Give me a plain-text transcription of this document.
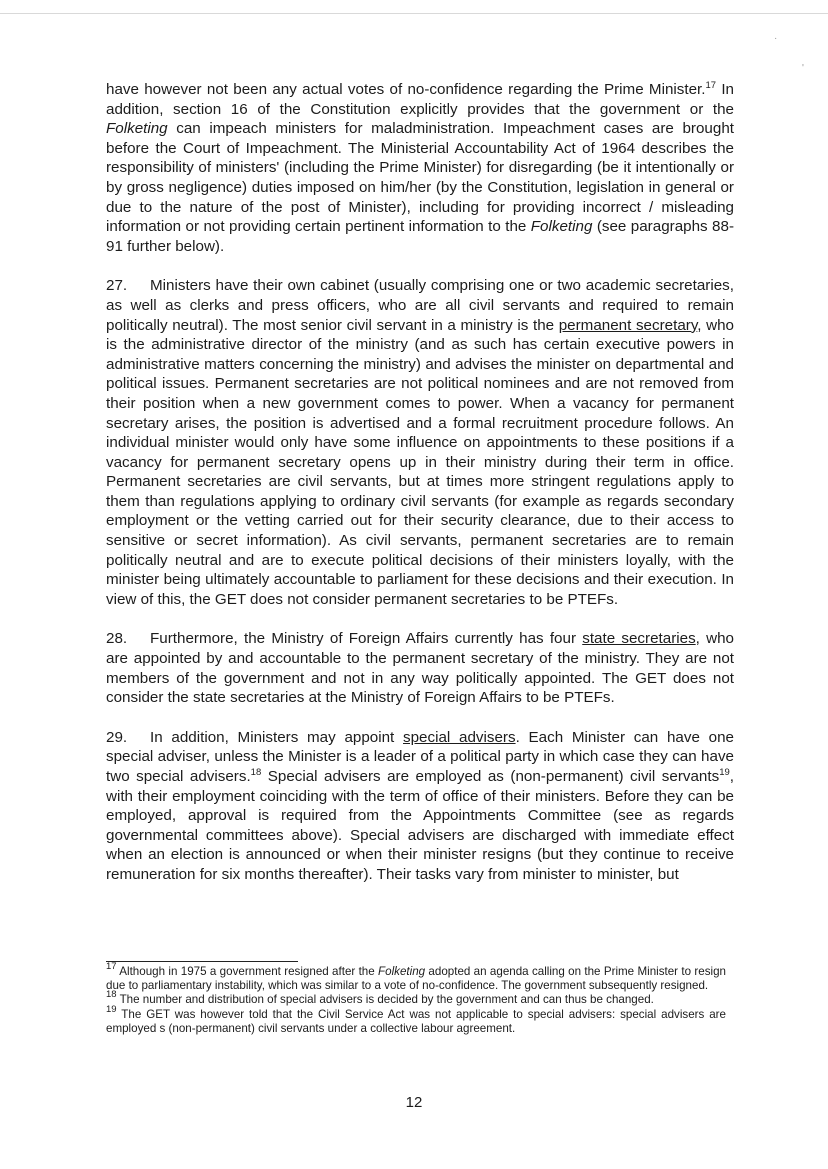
·
'

have however not been any actual votes of no-confidence regarding the Prime Minister.$^{17}$ In addition, section 16 of the Constitution explicitly provides that the government or the Folketing can impeach ministers for maladministration. Impeachment cases are brought before the Court of Impeachment. The Ministerial Accountability Act of 1964 describes the responsibility of ministers' (including the Prime Minister) for disregarding (be it intentionally or by gross negligence) duties imposed on him/her (by the Constitution, legislation in general or due to the nature of the post of Minister), including for providing incorrect / misleading information or not providing certain pertinent information to the Folketing (see paragraphs 88-91 further below).

27. Ministers have their own cabinet (usually comprising one or two academic secretaries, as well as clerks and press officers, who are all civil servants and required to remain politically neutral). The most senior civil servant in a ministry is the permanent secretary, who is the administrative director of the ministry (and as such has certain executive powers in administrative matters concerning the ministry) and advises the minister on departmental and political issues. Permanent secretaries are not political nominees and are not removed from their position when a new government comes to power. When a vacancy for permanent secretary arises, the position is advertised and a formal recruitment procedure follows. An individual minister would only have some influence on appointments to these positions if a vacancy for permanent secretary opens up in their ministry during their term in office. Permanent secretaries are civil servants, but at times more stringent regulations apply to them than regulations applying to ordinary civil servants (for example as regards secondary employment or the vetting carried out for their security clearance, due to their access to sensitive or secret information). As civil servants, permanent secretaries are to remain politically neutral and are to execute political decisions of their ministers loyally, with the minister being ultimately accountable to parliament for these decisions and their execution. In view of this, the GET does not consider permanent secretaries to be PTEFs.

28. Furthermore, the Ministry of Foreign Affairs currently has four state secretaries, who are appointed by and accountable to the permanent secretary of the ministry. They are not members of the government and not in any way politically appointed. The GET does not consider the state secretaries at the Ministry of Foreign Affairs to be PTEFs.

29. In addition, Ministers may appoint special advisers. Each Minister can have one special adviser, unless the Minister is a leader of a political party in which case they can have two special advisers.$^{18}$ Special advisers are employed as (non-permanent) civil servants$^{19}$, with their employment coinciding with the term of office of their ministers. Before they can be employed, approval is required from the Appointments Committee (see as regards governmental committees above). Special advisers are discharged with immediate effect when an election is announced or when their minister resigns (but they continue to receive remuneration for six months thereafter). Their tasks vary from minister to minister, but

$^{17}$ Although in 1975 a government resigned after the Folketing adopted an agenda calling on the Prime Minister to resign due to parliamentary instability, which was similar to a vote of no-confidence. The government subsequently resigned.

$^{18}$ The number and distribution of special advisers is decided by the government and can thus be changed.

$^{19}$ The GET was however told that the Civil Service Act was not applicable to special advisers: special advisers are employed s (non-permanent) civil servants under a collective labour agreement.

12
